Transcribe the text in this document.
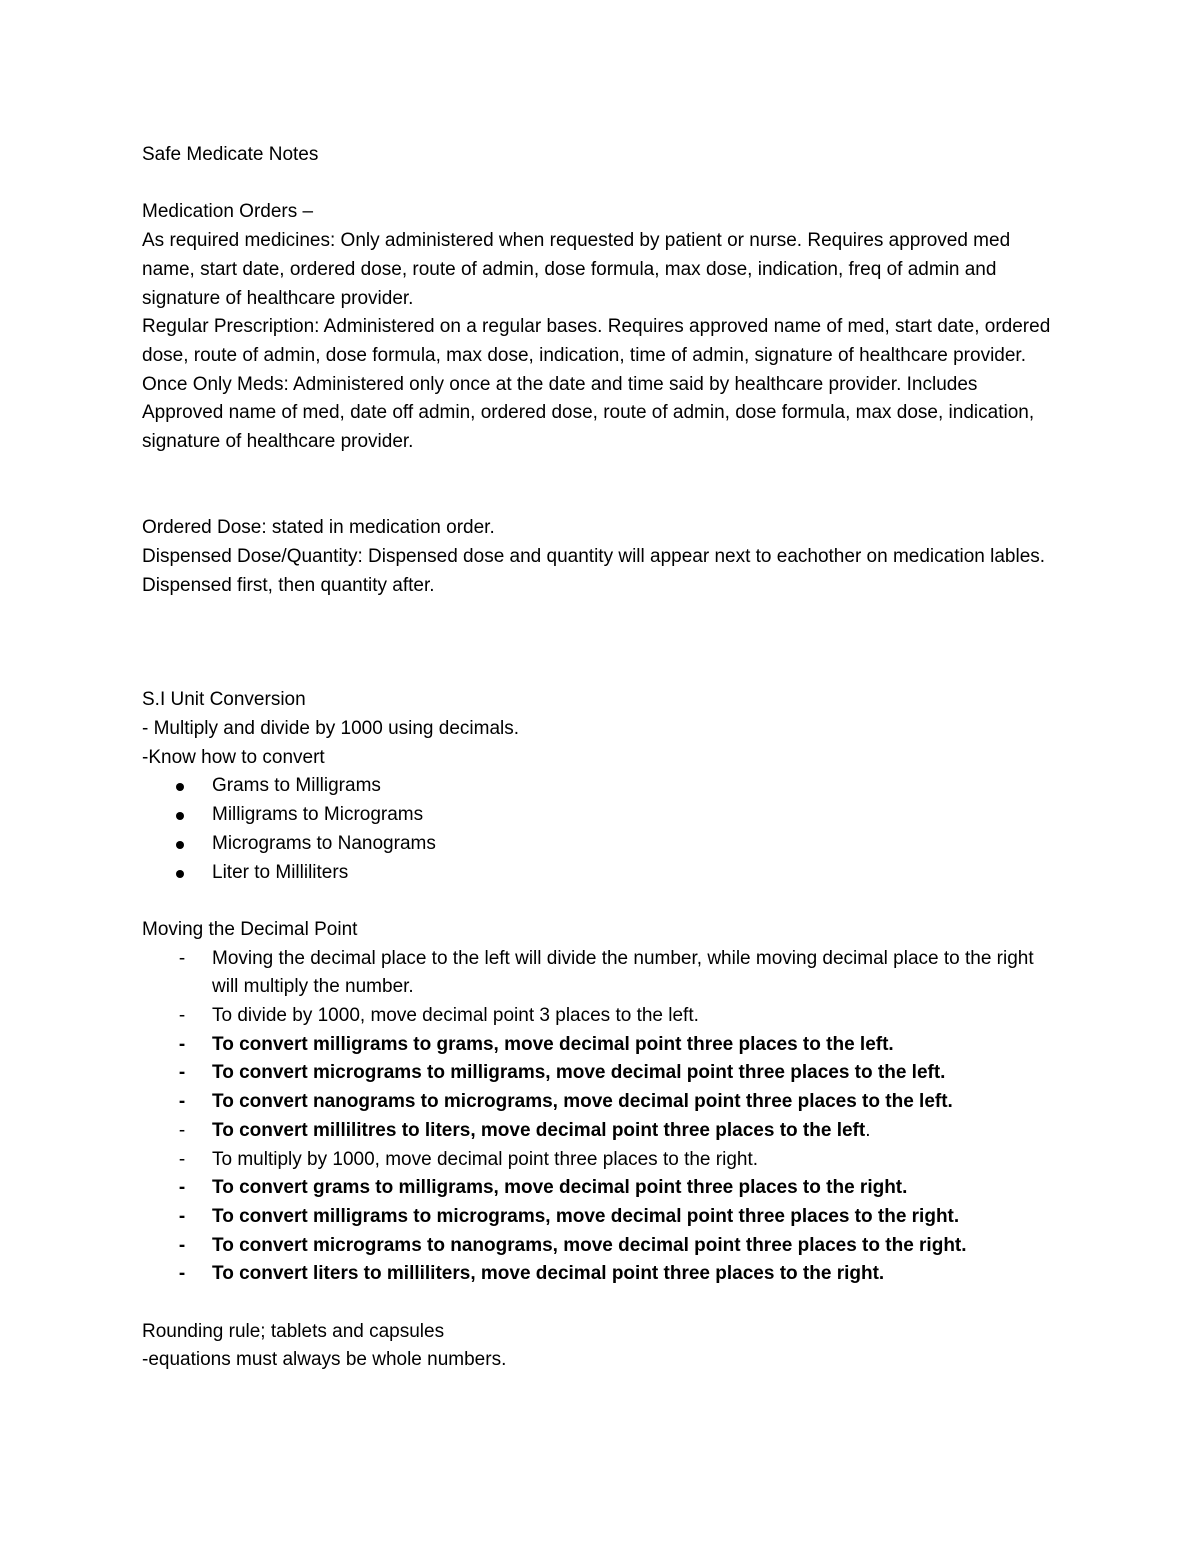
Safe Medicate Notes

Medication Orders –

As required medicines: Only administered when requested by patient or nurse. Requires approved med name, start date, ordered dose, route of admin, dose formula, max dose, indication, freq of admin and signature of healthcare provider.

Regular Prescription: Administered on a regular bases. Requires approved name of med, start date, ordered dose, route of admin, dose formula, max dose, indication, time of admin, signature of healthcare provider.

Once Only Meds: Administered only once at the date and time said by healthcare provider. Includes Approved name of med, date off admin, ordered dose, route of admin, dose formula, max dose, indication, signature of healthcare provider.

Ordered Dose: stated in medication order.

Dispensed Dose/Quantity: Dispensed dose and quantity will appear next to eachother on medication lables. Dispensed first, then quantity after.

S.I Unit Conversion

- Multiply and divide by 1000 using decimals.

-Know how to convert

Grams to Milligrams
Milligrams to Micrograms
Micrograms to Nanograms
Liter to Milliliters

Moving the Decimal Point

- Moving the decimal place to the left will divide the number, while moving decimal place to the right will multiply the number.
- To divide by 1000, move decimal point 3 places to the left.
- To convert milligrams to grams, move decimal point three places to the left.
- To convert micrograms to milligrams, move decimal point three places to the left.
- To convert nanograms to micrograms, move decimal point three places to the left.
- To convert millilitres to liters, move decimal point three places to the left.
- To multiply by 1000, move decimal point three places to the right.
- To convert grams to milligrams, move decimal point three places to the right.
- To convert milligrams to micrograms, move decimal point three places to the right.
- To convert micrograms to nanograms, move decimal point three places to the right.
- To convert liters to milliliters, move decimal point three places to the right.

Rounding rule; tablets and capsules

-equations must always be whole numbers.
